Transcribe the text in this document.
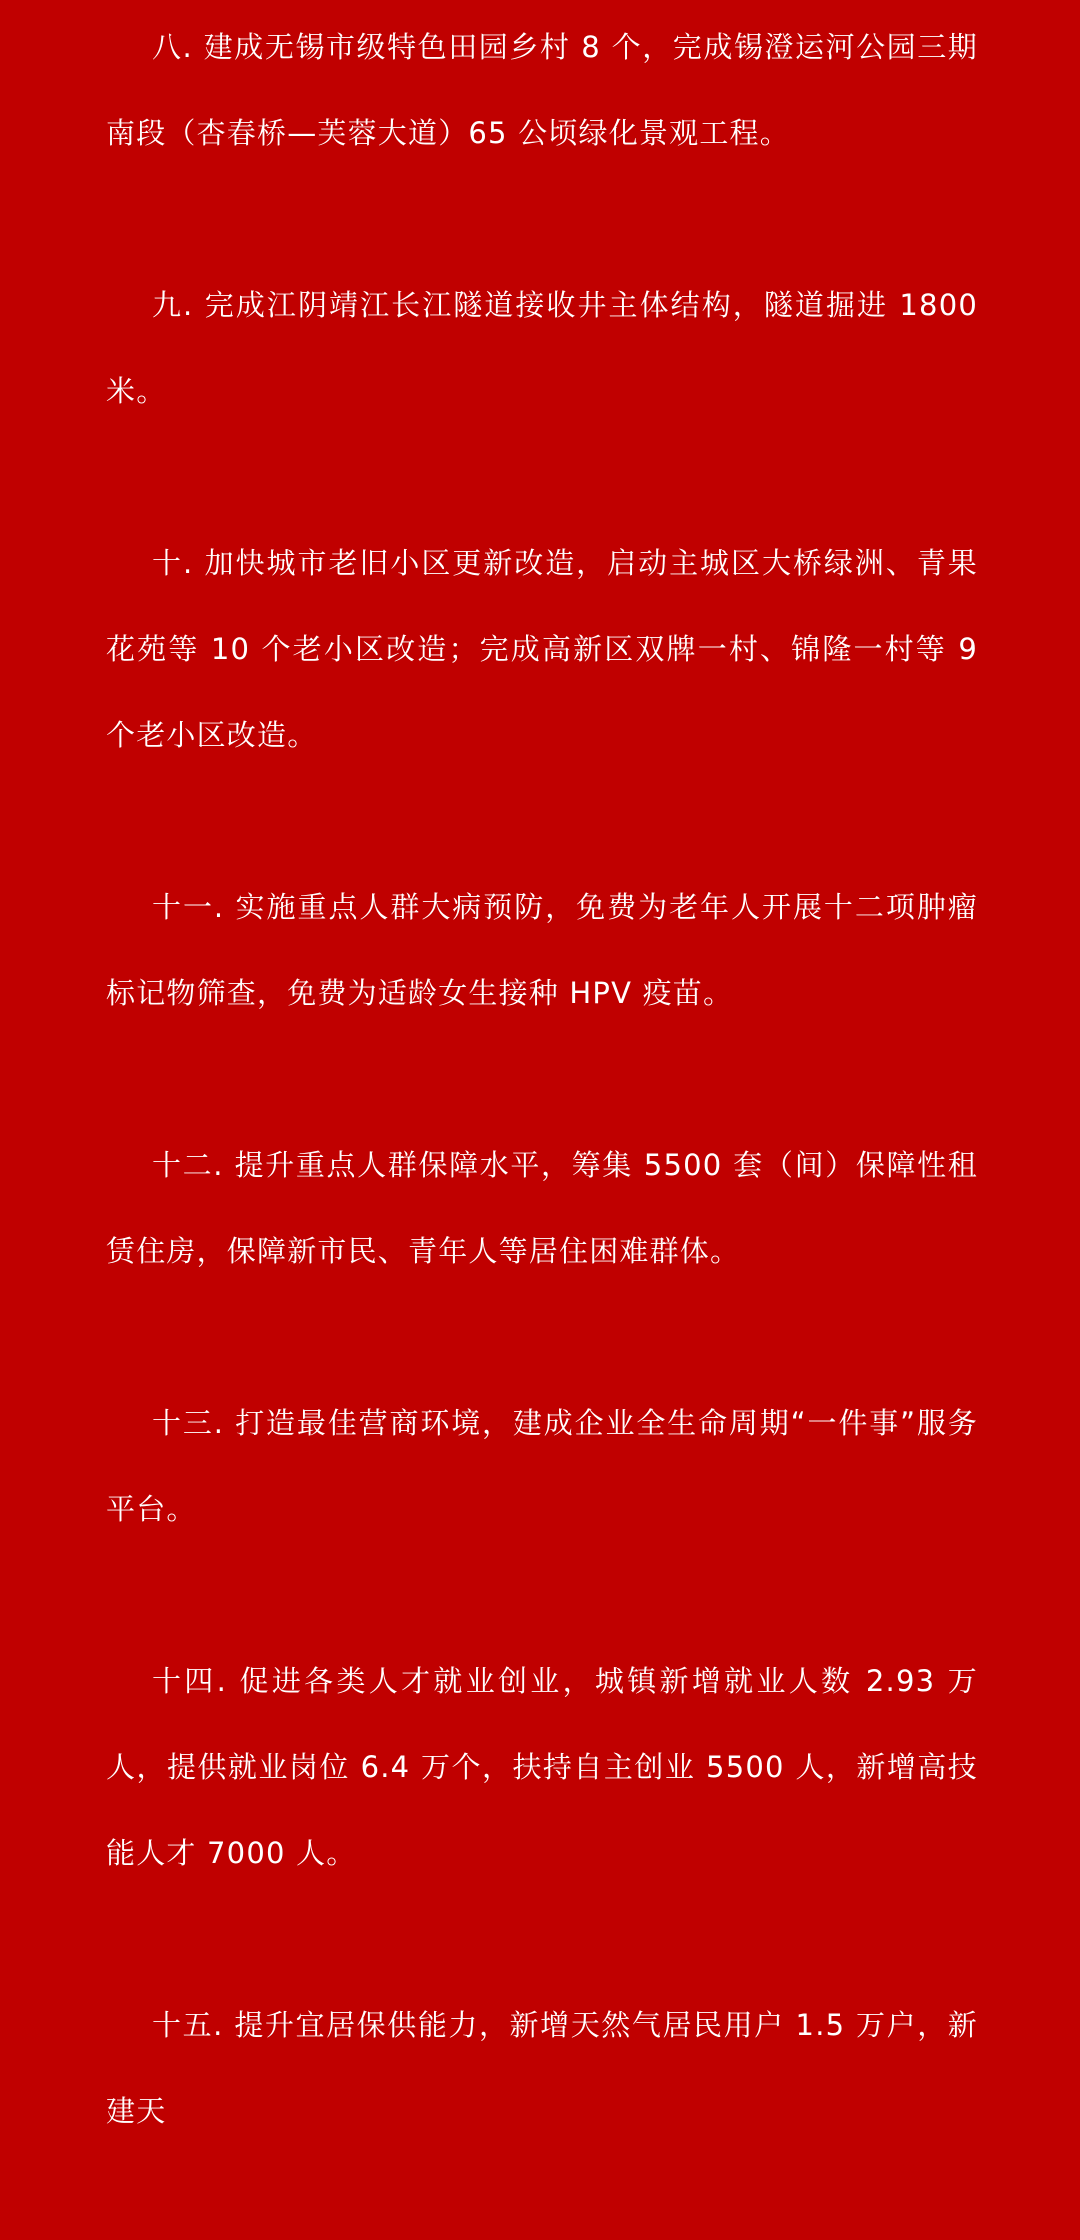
八. 建成无锡市级特色田园乡村 8 个，完成锡澄运河公园三期南段（杏春桥—芙蓉大道）65 公顷绿化景观工程。

九. 完成江阴靖江长江隧道接收井主体结构，隧道掘进 1800 米。

十. 加快城市老旧小区更新改造，启动主城区大桥绿洲、青果花苑等 10 个老小区改造；完成高新区双牌一村、锦隆一村等 9 个老小区改造。

十一. 实施重点人群大病预防，免费为老年人开展十二项肿瘤标记物筛查，免费为适龄女生接种 HPV 疫苗。

十二. 提升重点人群保障水平，筹集 5500 套（间）保障性租赁住房，保障新市民、青年人等居住困难群体。

十三. 打造最佳营商环境，建成企业全生命周期“一件事”服务平台。

十四. 促进各类人才就业创业，城镇新增就业人数 2.93 万人，提供就业岗位 6.4 万个，扶持自主创业 5500 人，新增高技能人才 7000 人。

十五. 提升宜居保供能力，新增天然气居民用户 1.5 万户，新建天
